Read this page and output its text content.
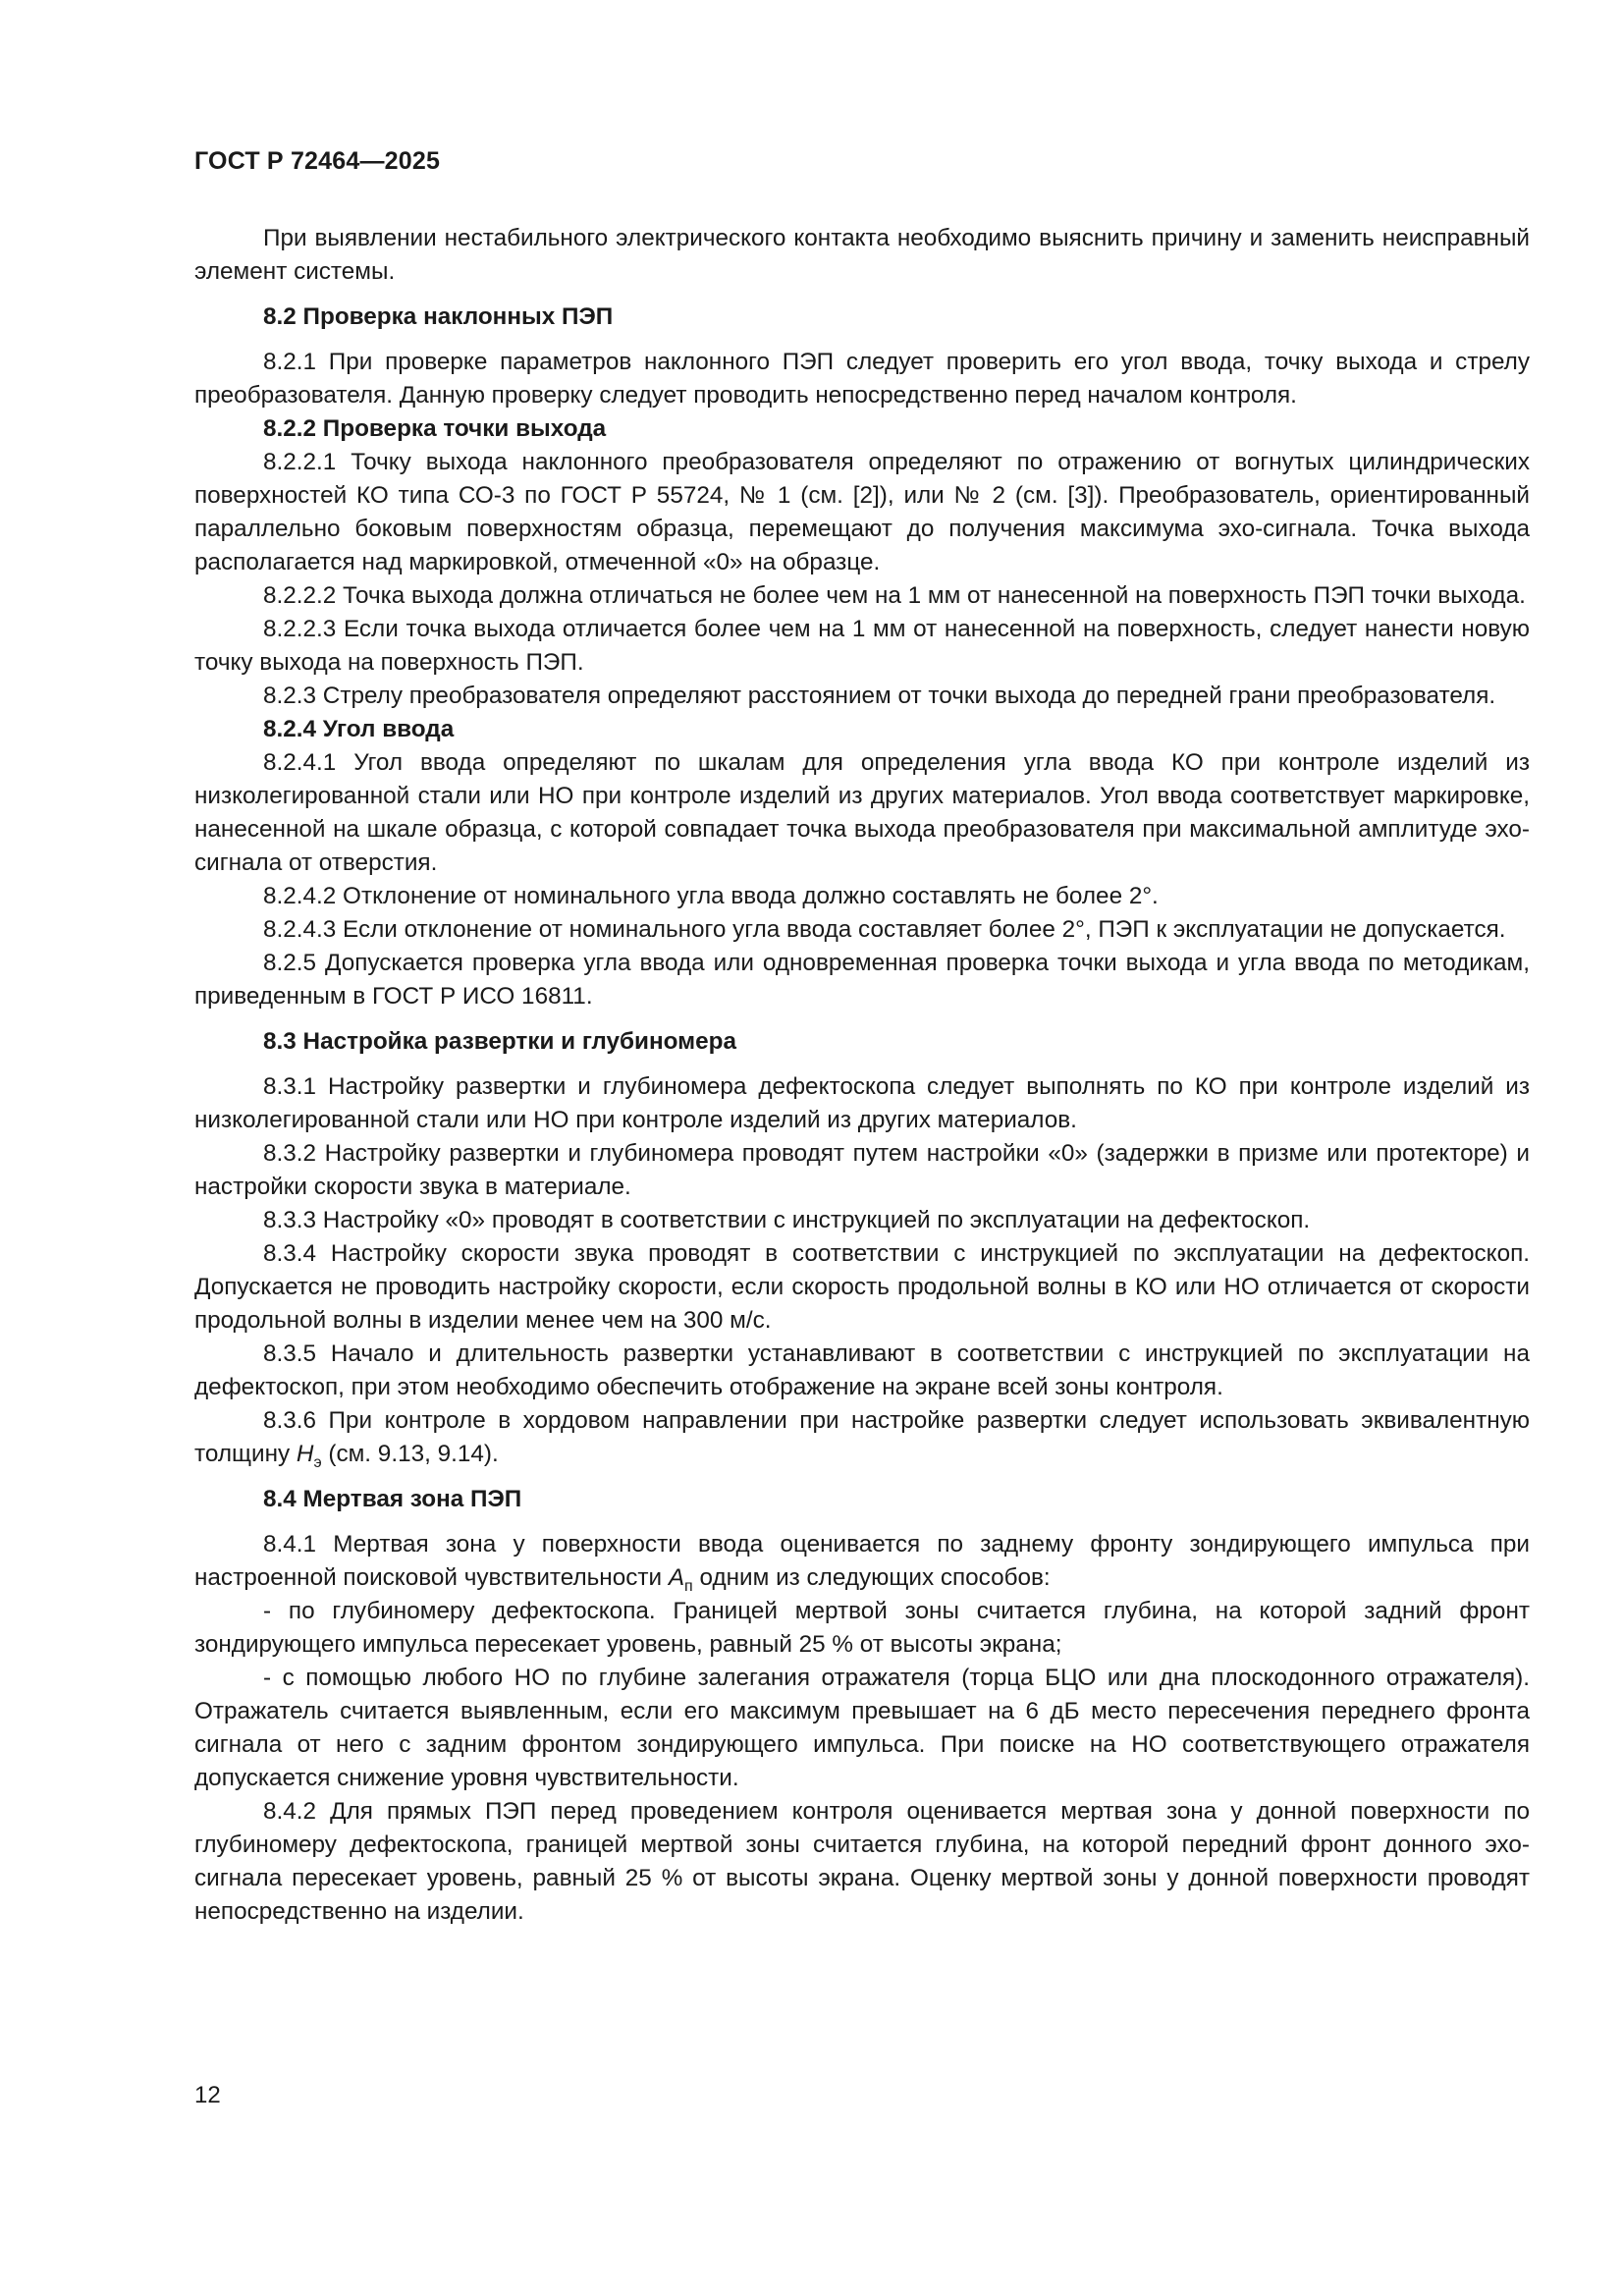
ГОСТ Р 72464—2025

При выявлении нестабильного электрического контакта необходимо выяснить причину и заменить неисправный элемент системы.

8.2 Проверка наклонных ПЭП

8.2.1 При проверке параметров наклонного ПЭП следует проверить его угол ввода, точку выхода и стрелу преобразователя. Данную проверку следует проводить непосредственно перед началом контроля.

8.2.2 Проверка точки выхода

8.2.2.1 Точку выхода наклонного преобразователя определяют по отражению от вогнутых цилиндрических поверхностей КО типа СО-3 по ГОСТ Р 55724, № 1 (см. [2]), или № 2 (см. [3]). Преобразователь, ориентированный параллельно боковым поверхностям образца, перемещают до получения максимума эхо-сигнала. Точка выхода располагается над маркировкой, отмеченной «0» на образце.

8.2.2.2 Точка выхода должна отличаться не более чем на 1 мм от нанесенной на поверхность ПЭП точки выхода.

8.2.2.3 Если точка выхода отличается более чем на 1 мм от нанесенной на поверхность, следует нанести новую точку выхода на поверхность ПЭП.

8.2.3 Стрелу преобразователя определяют расстоянием от точки выхода до передней грани преобразователя.

8.2.4 Угол ввода

8.2.4.1 Угол ввода определяют по шкалам для определения угла ввода КО при контроле изделий из низколегированной стали или НО при контроле изделий из других материалов. Угол ввода соответствует маркировке, нанесенной на шкале образца, с которой совпадает точка выхода преобразователя при максимальной амплитуде эхо-сигнала от отверстия.

8.2.4.2 Отклонение от номинального угла ввода должно составлять не более 2°.

8.2.4.3 Если отклонение от номинального угла ввода составляет более 2°, ПЭП к эксплуатации не допускается.

8.2.5 Допускается проверка угла ввода или одновременная проверка точки выхода и угла ввода по методикам, приведенным в ГОСТ Р ИСО 16811.

8.3 Настройка развертки и глубиномера

8.3.1 Настройку развертки и глубиномера дефектоскопа следует выполнять по КО при контроле изделий из низколегированной стали или НО при контроле изделий из других материалов.

8.3.2 Настройку развертки и глубиномера проводят путем настройки «0» (задержки в призме или протекторе) и настройки скорости звука в материале.

8.3.3 Настройку «0» проводят в соответствии с инструкцией по эксплуатации на дефектоскоп.

8.3.4 Настройку скорости звука проводят в соответствии с инструкцией по эксплуатации на дефектоскоп. Допускается не проводить настройку скорости, если скорость продольной волны в КО или НО отличается от скорости продольной волны в изделии менее чем на 300 м/с.

8.3.5 Начало и длительность развертки устанавливают в соответствии с инструкцией по эксплуатации на дефектоскоп, при этом необходимо обеспечить отображение на экране всей зоны контроля.

8.3.6 При контроле в хордовом направлении при настройке развертки следует использовать эквивалентную толщину $H_э$ (см. 9.13, 9.14).

8.4 Мертвая зона ПЭП

8.4.1 Мертвая зона у поверхности ввода оценивается по заднему фронту зондирующего импульса при настроенной поисковой чувствительности $A_п$ одним из следующих способов:

- по глубиномеру дефектоскопа. Границей мертвой зоны считается глубина, на которой задний фронт зондирующего импульса пересекает уровень, равный 25 % от высоты экрана;

- с помощью любого НО по глубине залегания отражателя (торца БЦО или дна плоскодонного отражателя). Отражатель считается выявленным, если его максимум превышает на 6 дБ место пересечения переднего фронта сигнала от него с задним фронтом зондирующего импульса. При поиске на НО соответствующего отражателя допускается снижение уровня чувствительности.

8.4.2 Для прямых ПЭП перед проведением контроля оценивается мертвая зона у донной поверхности по глубиномеру дефектоскопа, границей мертвой зоны считается глубина, на которой передний фронт донного эхо-сигнала пересекает уровень, равный 25 % от высоты экрана. Оценку мертвой зоны у донной поверхности проводят непосредственно на изделии.

12
